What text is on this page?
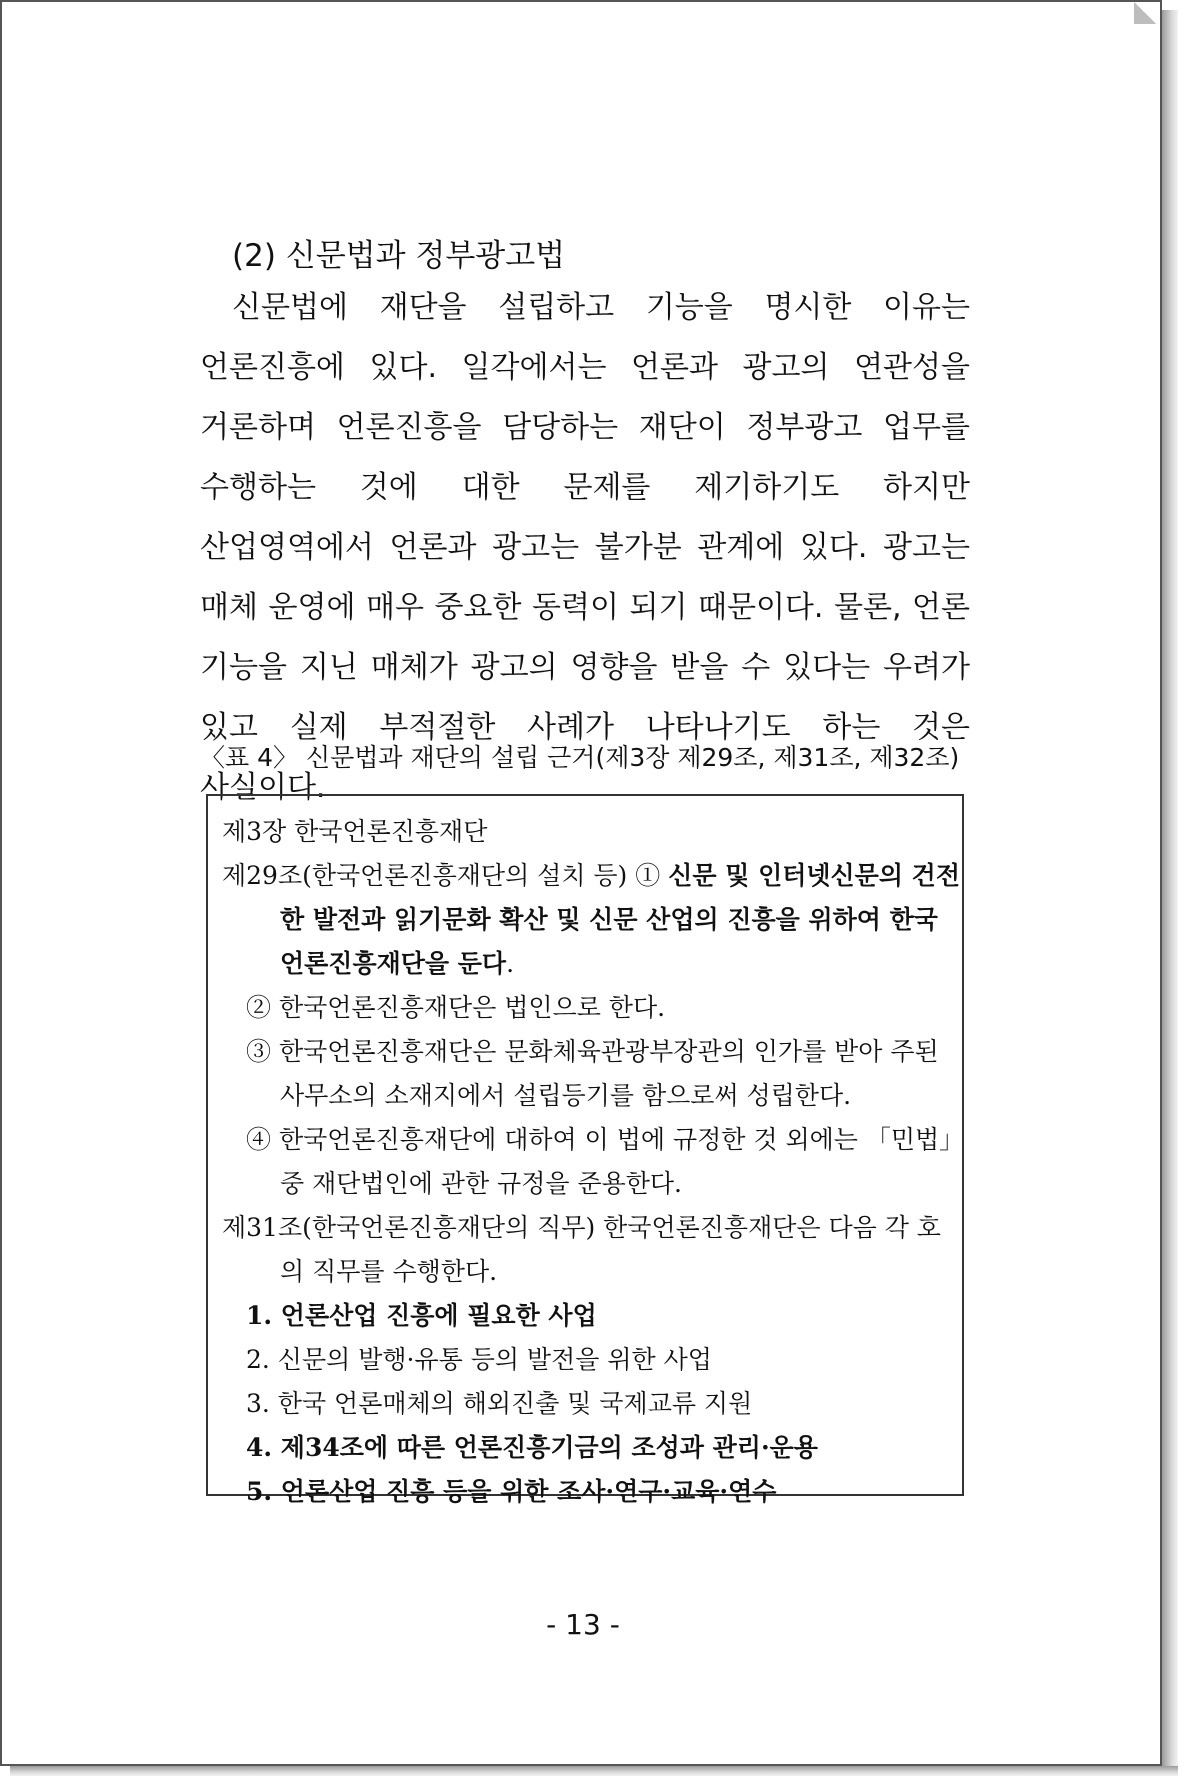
(2) 신문법과 정부광고법

신문법에 재단을 설립하고 기능을 명시한 이유는 언론진흥에 있다. 일각에서는 언론과 광고의 연관성을 거론하며 언론진흥을 담당하는 재단이 정부광고 업무를 수행하는 것에 대한 문제를 제기하기도 하지만 산업영역에서 언론과 광고는 불가분 관계에 있다. 광고는 매체 운영에 매우 중요한 동력이 되기 때문이다. 물론, 언론 기능을 지닌 매체가 광고의 영향을 받을 수 있다는 우려가 있고 실제 부적절한 사례가 나타나기도 하는 것은 사실이다.

〈표 4〉 신문법과 재단의 설립 근거(제3장 제29조, 제31조, 제32조)
제3장 한국언론진흥재단
제29조(한국언론진흥재단의 설치 등) ① 신문 및 인터넷신문의 건전
한 발전과 읽기문화 확산 및 신문 산업의 진흥을 위하여 한국
언론진흥재단을 둔다.
② 한국언론진흥재단은 법인으로 한다.
③ 한국언론진흥재단은 문화체육관광부장관의 인가를 받아 주된
사무소의 소재지에서 설립등기를 함으로써 성립한다.
④ 한국언론진흥재단에 대하여 이 법에 규정한 것 외에는 「민법」
중 재단법인에 관한 규정을 준용한다.
제31조(한국언론진흥재단의 직무) 한국언론진흥재단은 다음 각 호
의 직무를 수행한다.
1. 언론산업 진흥에 필요한 사업
2. 신문의 발행·유통 등의 발전을 위한 사업
3. 한국 언론매체의 해외진출 및 국제교류 지원
4. 제34조에 따른 언론진흥기금의 조성과 관리·운용
5. 언론산업 진흥 등을 위한 조사·연구·교육·연수
- 13 -
